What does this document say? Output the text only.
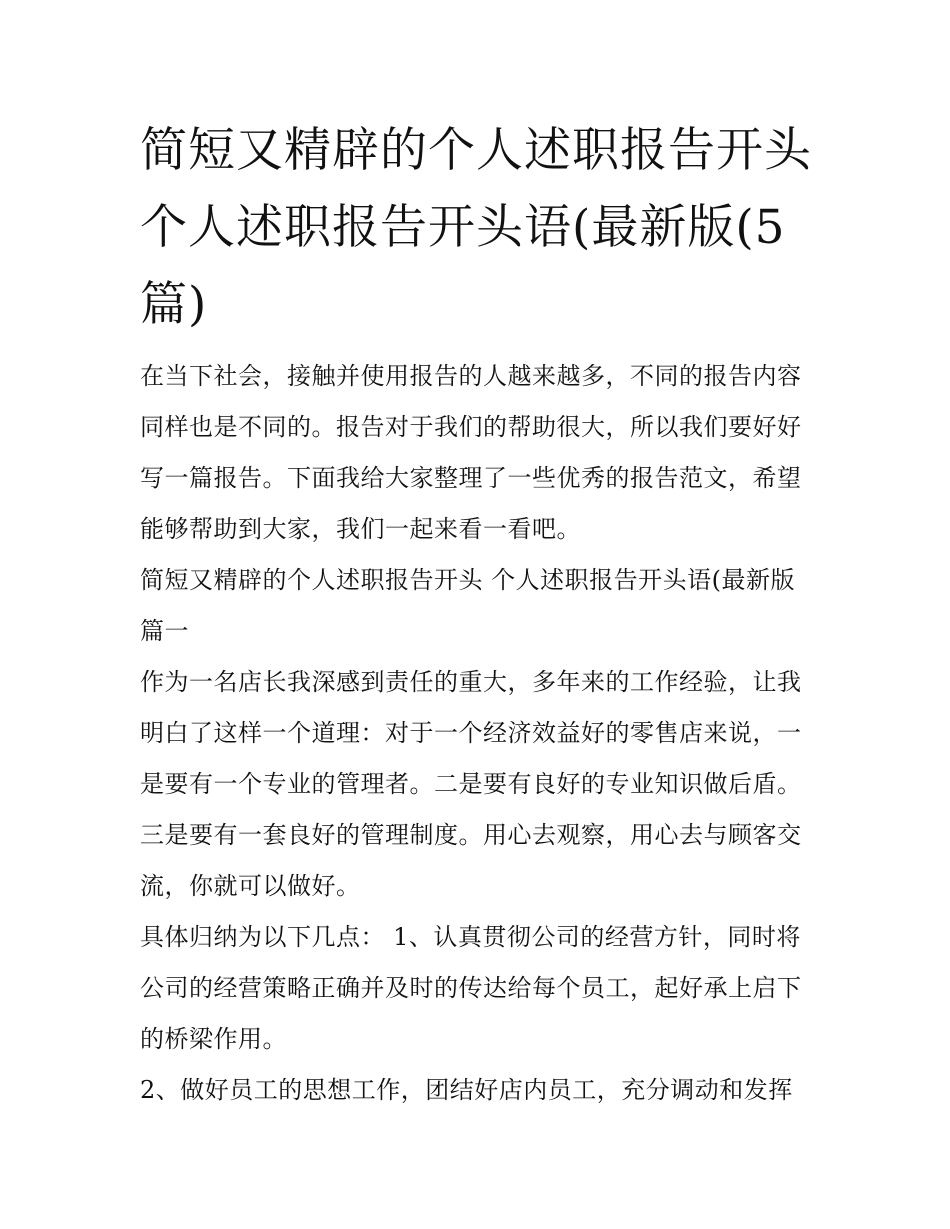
简短又精辟的个人述职报告开头 个人述职报告开头语(最新版(5篇)

在当下社会，接触并使用报告的人越来越多，不同的报告内容同样也是不同的。报告对于我们的帮助很大，所以我们要好好写一篇报告。下面我给大家整理了一些优秀的报告范文，希望能够帮助到大家，我们一起来看一看吧。

简短又精辟的个人述职报告开头 个人述职报告开头语(最新版

篇一

作为一名店长我深感到责任的重大，多年来的工作经验，让我明白了这样一个道理：对于一个经济效益好的零售店来说，一是要有一个专业的管理者。二是要有良好的专业知识做后盾。三是要有一套良好的管理制度。用心去观察，用心去与顾客交流，你就可以做好。

具体归纳为以下几点： 1、认真贯彻公司的经营方针，同时将公司的经营策略正确并及时的传达给每个员工，起好承上启下的桥梁作用。

2、做好员工的思想工作，团结好店内员工，充分调动和发挥
